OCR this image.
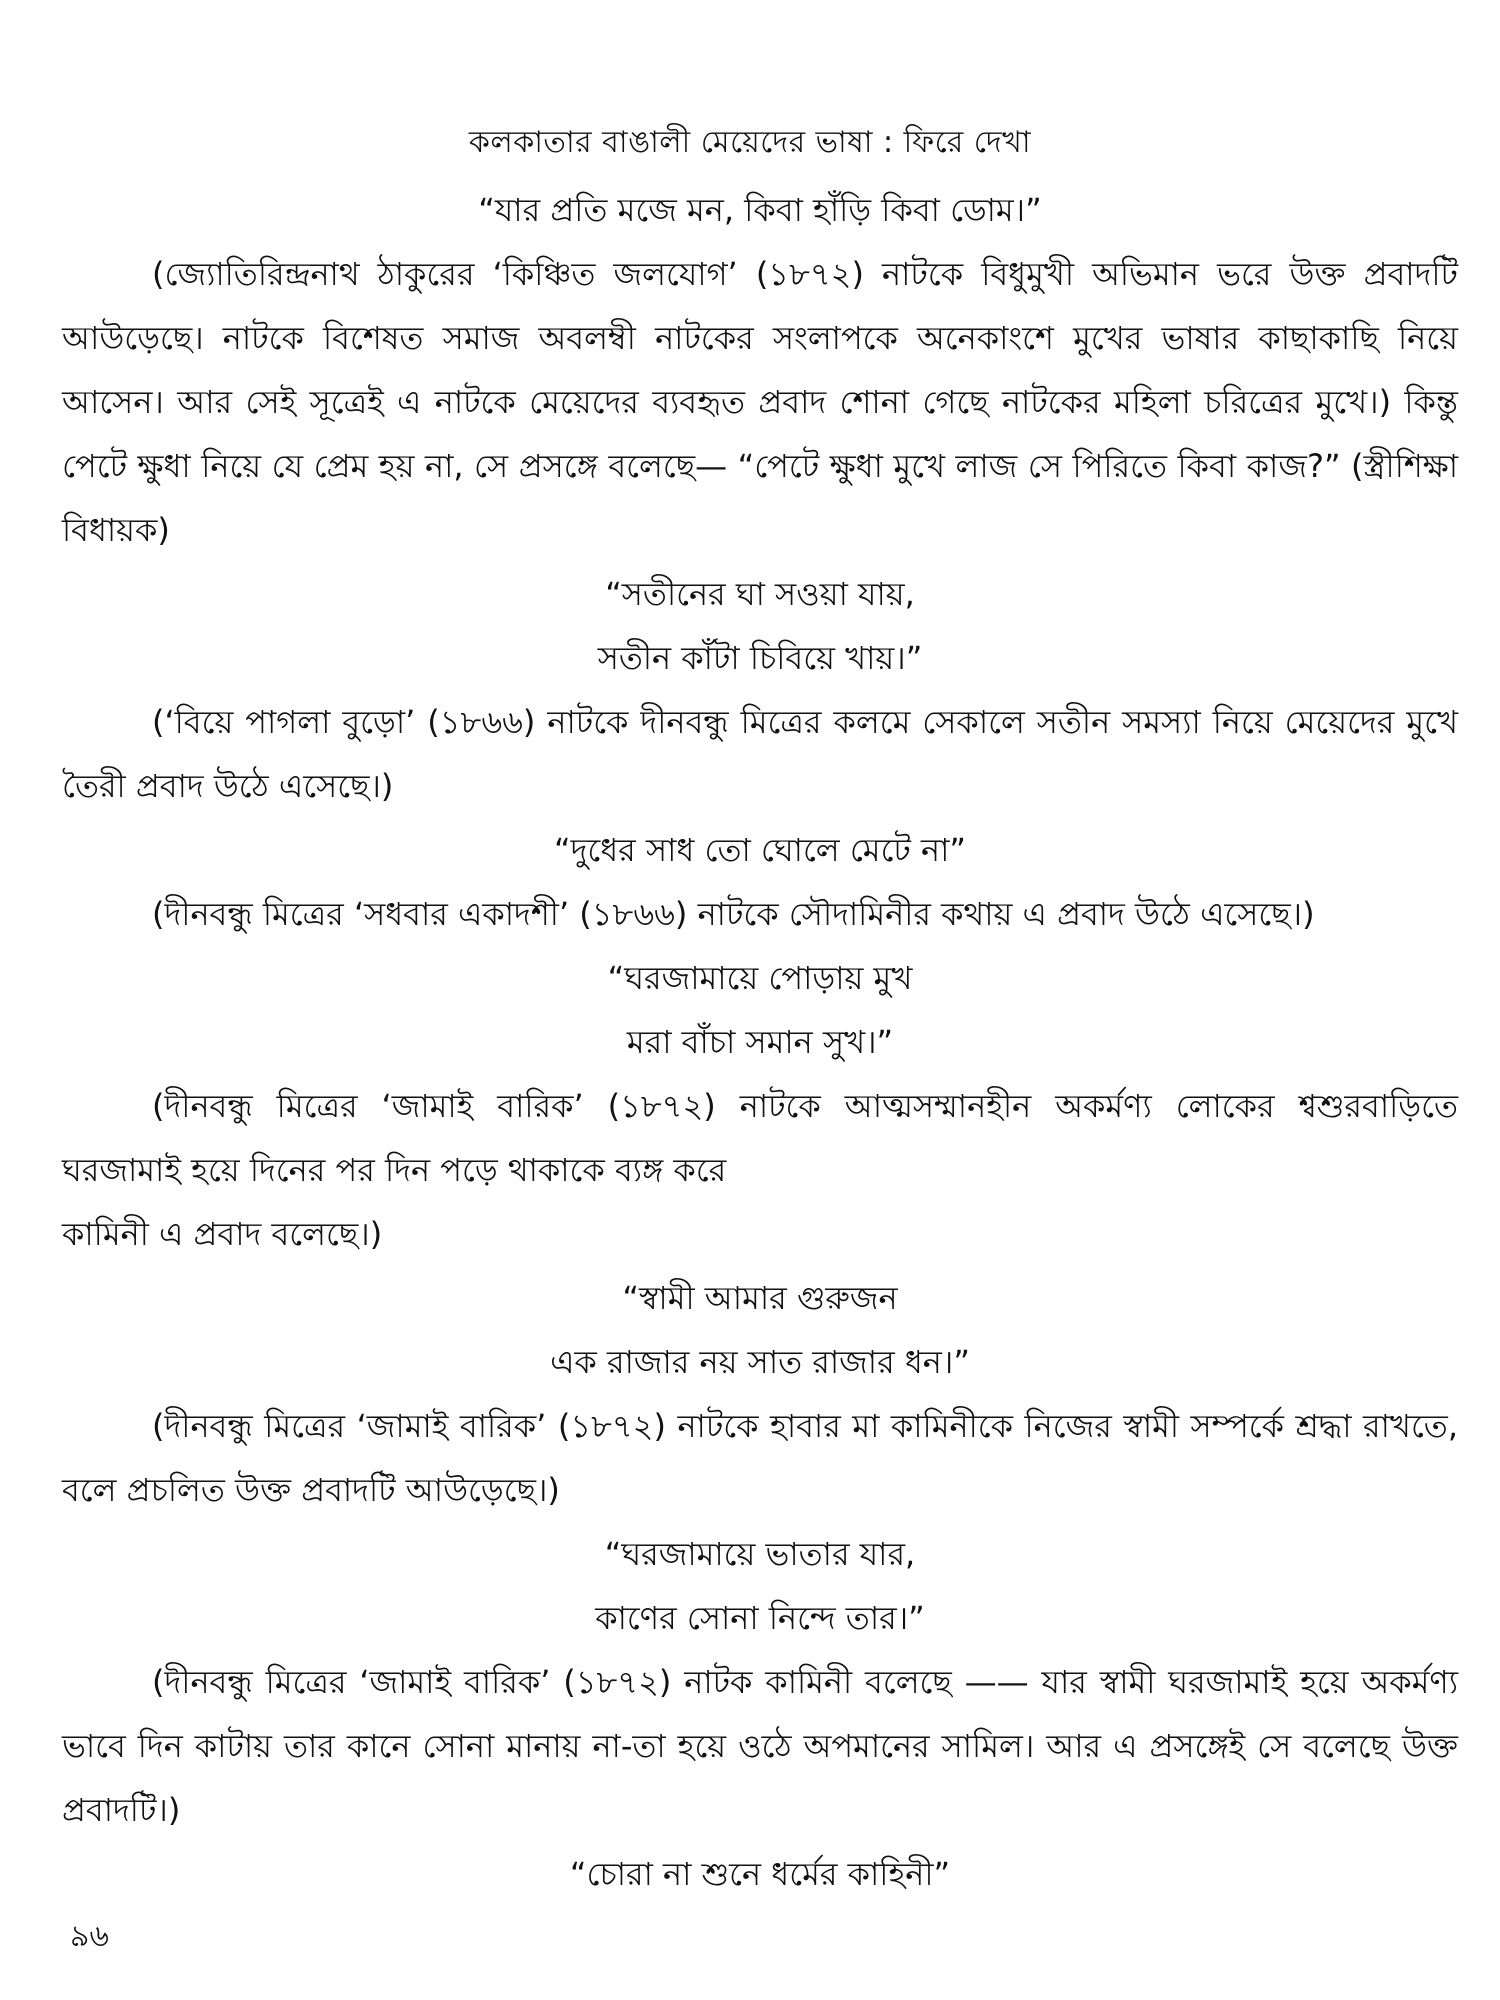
কলকাতার বাঙালী মেয়েদের ভাষা : ফিরে দেখা

“যার প্রতি মজে মন, কিবা হাঁড়ি কিবা ডোম।”

(জ্যোতিরিন্দ্রনাথ ঠাকুরের ‘কিঞ্চিত জলযোগ’ (১৮৭২) নাটকে বিধুমুখী অভিমান ভরে উক্ত প্রবাদটি আউড়েছে। নাটকে বিশেষত সমাজ অবলম্বী নাটকের সংলাপকে অনেকাংশে মুখের ভাষার কাছাকাছি নিয়ে আসেন। আর সেই সূত্রেই এ নাটকে মেয়েদের ব্যবহৃত প্রবাদ শোনা গেছে নাটকের মহিলা চরিত্রের মুখে।) কিন্তু পেটে ক্ষুধা নিয়ে যে প্রেম হয় না, সে প্রসঙ্গে বলেছে— “পেটে ক্ষুধা মুখে লাজ সে পিরিতে কিবা কাজ?” (স্ত্রীশিক্ষা বিধায়ক)

“সতীনের ঘা সওয়া যায়,

সতীন কাঁটা চিবিয়ে খায়।”

(‘বিয়ে পাগলা বুড়ো’ (১৮৬৬) নাটকে দীনবন্ধু মিত্রের কলমে সেকালে সতীন সমস্যা নিয়ে মেয়েদের মুখে তৈরী প্রবাদ উঠে এসেছে।)

“দুধের সাধ তো ঘোলে মেটে না”

(দীনবন্ধু মিত্রের ‘সধবার একাদশী’ (১৮৬৬) নাটকে সৌদামিনীর কথায় এ প্রবাদ উঠে এসেছে।)

“ঘরজামায়ে পোড়ায় মুখ

মরা বাঁচা সমান সুখ।”

(দীনবন্ধু মিত্রের ‘জামাই বারিক’ (১৮৭২) নাটকে আত্মসম্মানহীন অকর্মণ্য লোকের শ্বশুরবাড়িতে ঘরজামাই হয়ে দিনের পর দিন পড়ে থাকাকে ব্যঙ্গ করে

কামিনী এ প্রবাদ বলেছে।)

“স্বামী আমার গুরুজন

এক রাজার নয় সাত রাজার ধন।”

(দীনবন্ধু মিত্রের ‘জামাই বারিক’ (১৮৭২) নাটকে হাবার মা কামিনীকে নিজের স্বামী সম্পর্কে শ্রদ্ধা রাখতে, বলে প্রচলিত উক্ত প্রবাদটি আউড়েছে।)

“ঘরজামায়ে ভাতার যার,

কাণের সোনা নিন্দে তার।”

(দীনবন্ধু মিত্রের ‘জামাই বারিক’ (১৮৭২) নাটক কামিনী বলেছে —— যার স্বামী ঘরজামাই হয়ে অকর্মণ্য ভাবে দিন কাটায় তার কানে সোনা মানায় না-তা হয়ে ওঠে অপমানের সামিল। আর এ প্রসঙ্গেই সে বলেছে উক্ত প্রবাদটি।)

“চোরা না শুনে ধর্মের কাহিনী”

৯৬
